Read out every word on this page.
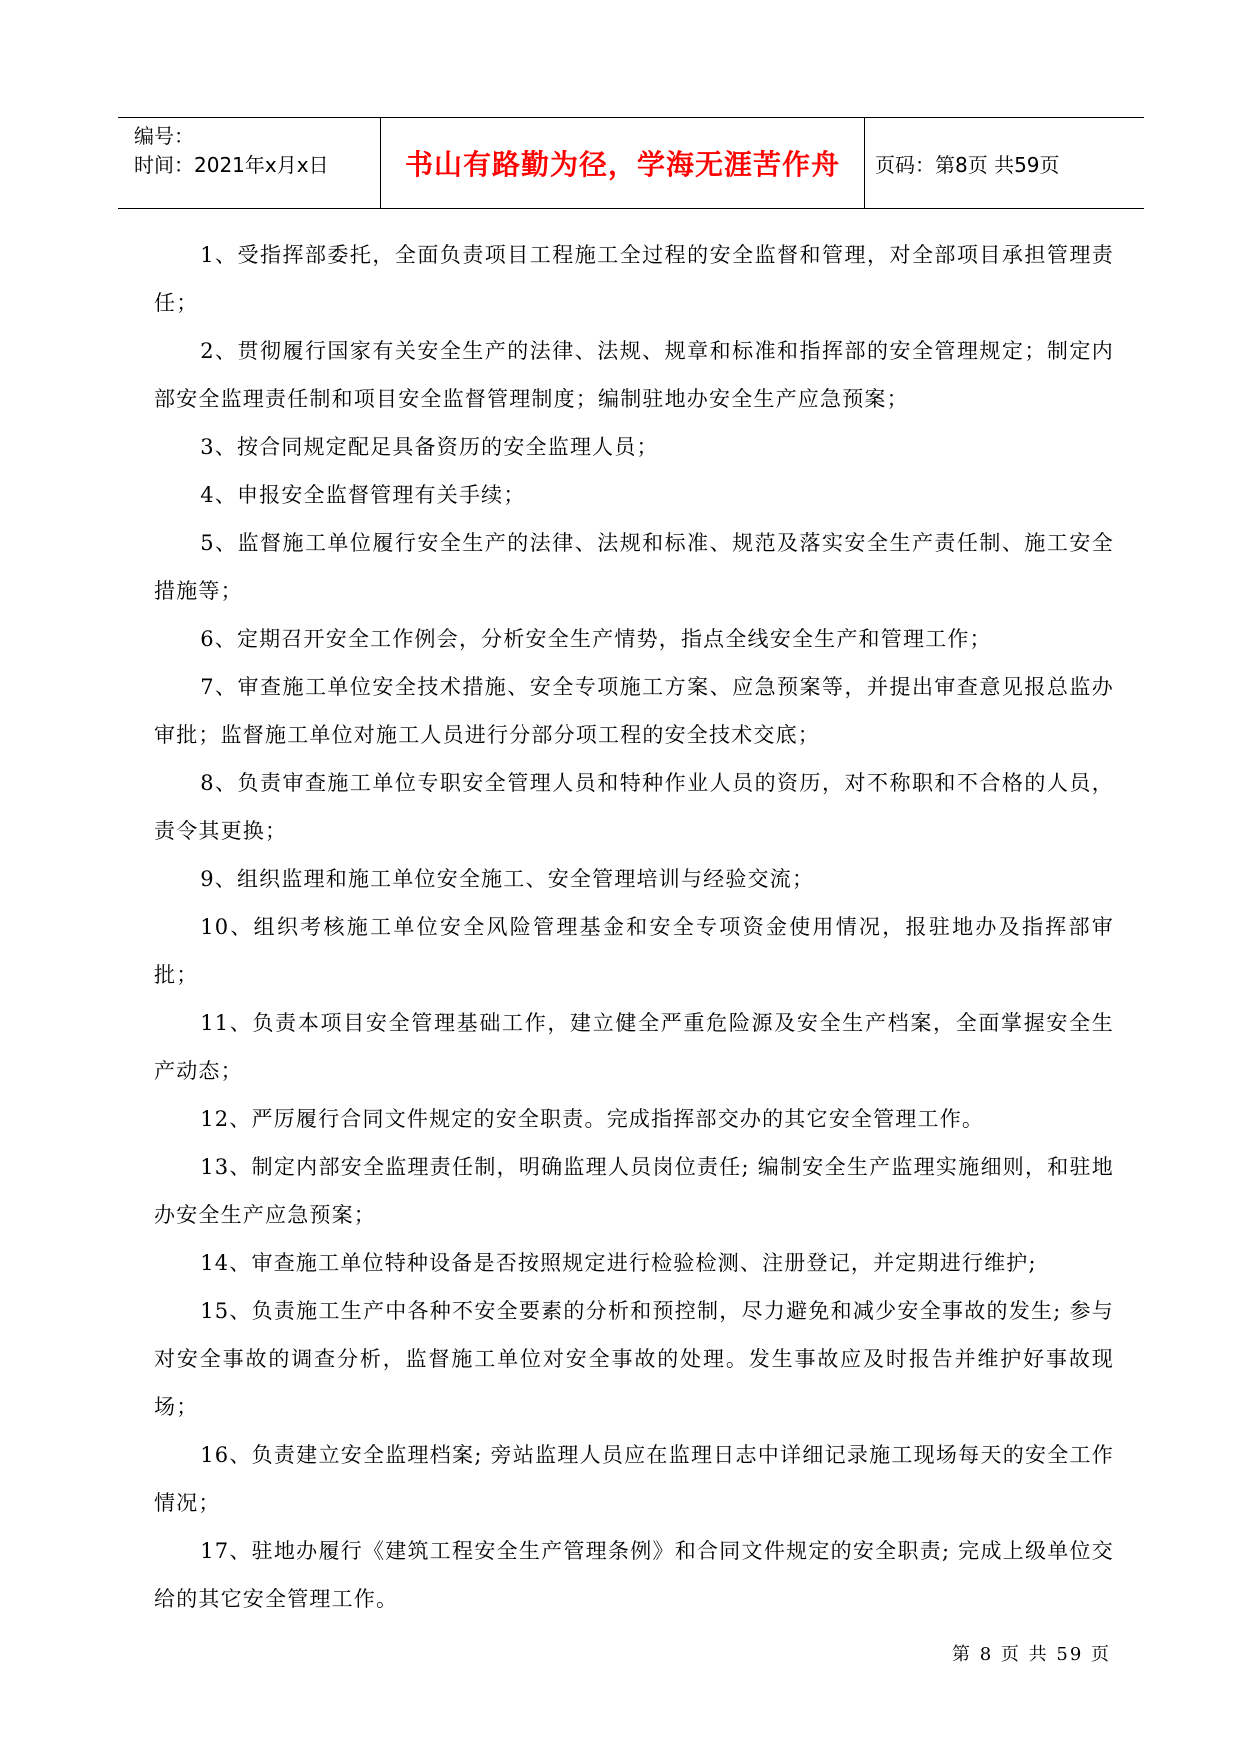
编号：
时间：2021年x月x日	书山有路勤为径，学海无涯苦作舟 页码：第8页 共59页

1、受指挥部委托，全面负责项目工程施工全过程的安全监督和管理，对全部项目承担管理责任；

2、贯彻履行国家有关安全生产的法律、法规、规章和标准和指挥部的安全管理规定；制定内部安全监理责任制和项目安全监督管理制度；编制驻地办安全生产应急预案；

3、按合同规定配足具备资历的安全监理人员；

4、申报安全监督管理有关手续；

5、监督施工单位履行安全生产的法律、法规和标准、规范及落实安全生产责任制、施工安全措施等；

6、定期召开安全工作例会，分析安全生产情势，指点全线安全生产和管理工作；

7、审查施工单位安全技术措施、安全专项施工方案、应急预案等，并提出审查意见报总监办审批；监督施工单位对施工人员进行分部分项工程的安全技术交底；

8、负责审查施工单位专职安全管理人员和特种作业人员的资历，对不称职和不合格的人员，责令其更换；

9、组织监理和施工单位安全施工、安全管理培训与经验交流；

10、组织考核施工单位安全风险管理基金和安全专项资金使用情况，报驻地办及指挥部审批；

11、负责本项目安全管理基础工作，建立健全严重危险源及安全生产档案，全面掌握安全生产动态；

12、严厉履行合同文件规定的安全职责。完成指挥部交办的其它安全管理工作。

13、制定内部安全监理责任制，明确监理人员岗位责任; 编制安全生产监理实施细则，和驻地办安全生产应急预案；

14、审查施工单位特种设备是否按照规定进行检验检测、注册登记，并定期进行维护;

15、负责施工生产中各种不安全要素的分析和预控制，尽力避免和减少安全事故的发生; 参与对安全事故的调查分析，监督施工单位对安全事故的处理。发生事故应及时报告并维护好事故现场；

16、负责建立安全监理档案; 旁站监理人员应在监理日志中详细记录施工现场每天的安全工作情况；

17、驻地办履行《建筑工程安全生产管理条例》和合同文件规定的安全职责; 完成上级单位交给的其它安全管理工作。

第 8 页 共 59 页
